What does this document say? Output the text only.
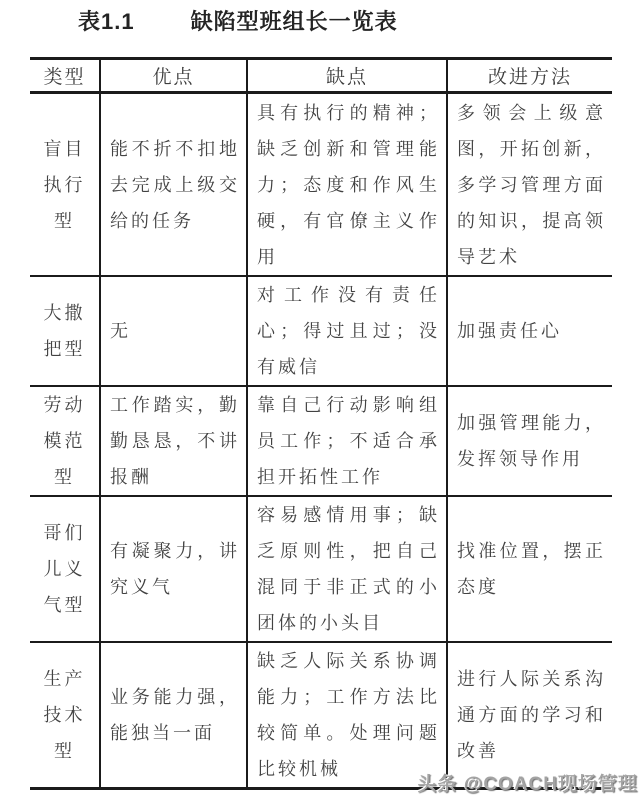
表1.1	缺陷型班组长一览表
类型	优点	缺点	改进方法
盲目执行型	能不折不扣地去完成上级交给的任务	具有执行的精神；缺乏创新和管理能力；态度和作风生硬，有官僚主义作用	多领会上级意图，开拓创新，多学习管理方面的知识，提高领导艺术
大撒把型	无	对工作没有责任心；得过且过；没有威信	加强责任心
劳动模范型	工作踏实，勤勤恳恳，不讲报酬	靠自己行动影响组员工作；不适合承担开拓性工作	加强管理能力，发挥领导作用
哥们儿义气型	有凝聚力，讲究义气	容易感情用事；缺乏原则性，把自己混同于非正式的小团体的小头目	找准位置，摆正态度
生产技术型	业务能力强，能独当一面	缺乏人际关系协调能力；工作方法比较简单。处理问题比较机械	进行人际关系沟通方面的学习和改善
头条 @COACH现场管理
